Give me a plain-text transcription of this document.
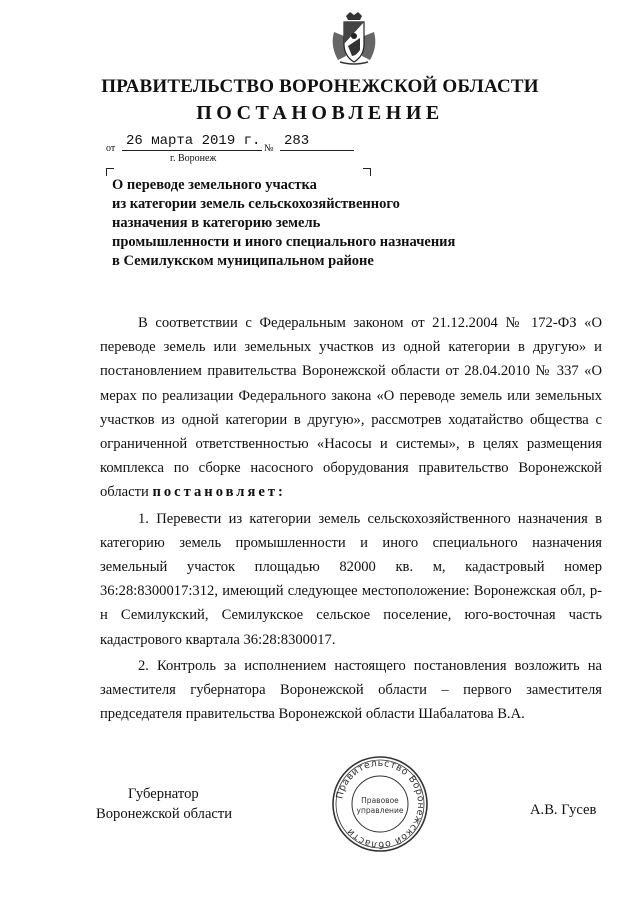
ПРАВИТЕЛЬСТВО ВОРОНЕЖСКОЙ ОБЛАСТИ
ПОСТАНОВЛЕНИЕ
от 26 марта 2019 г. № 283
г. Воронеж
О переводе земельного участка
из категории земель сельскохозяйственного
назначения в категорию земель
промышленности и иного специального назначения
в Семилукском муниципальном районе

В соответствии с Федеральным законом от 21.12.2004 № 172-ФЗ «О переводе земель или земельных участков из одной категории в другую» и постановлением правительства Воронежской области от 28.04.2010 № 337 «О мерах по реализации Федерального закона «О переводе земель или земельных участков из одной категории в другую», рассмотрев ходатайство общества с ограниченной ответственностью «Насосы и системы», в целях размещения комплекса по сборке насосного оборудования правительство Воронежской области постановляет:

1. Перевести из категории земель сельскохозяйственного назначения в категорию земель промышленности и иного специального назначения земельный участок площадью 82000 кв. м, кадастровый номер 36:28:8300017:312, имеющий следующее местоположение: Воронежская обл, р-н Семилукский, Семилукское сельское поселение, юго-восточная часть кадастрового квартала 36:28:8300017.

2. Контроль за исполнением настоящего постановления возложить на заместителя губернатора Воронежской области – первого заместителя председателя правительства Воронежской области Шабалатова В.А.

Губернатор
Воронежской области
Правительство Воронежской области
Правовое
управление	А.В. Гусев
